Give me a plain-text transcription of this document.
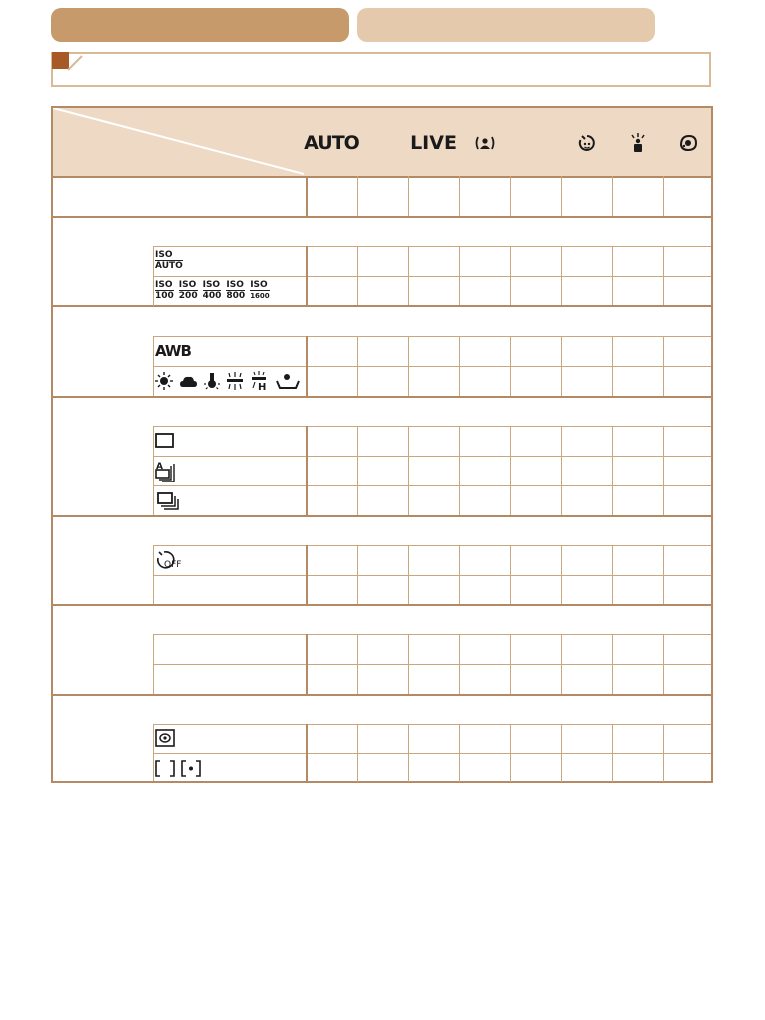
AUTO	LIVE
ISO
AUTO
ISO
100
ISO
200
ISO
400
ISO
800
ISO
1600
AWB
H
A
OFF
